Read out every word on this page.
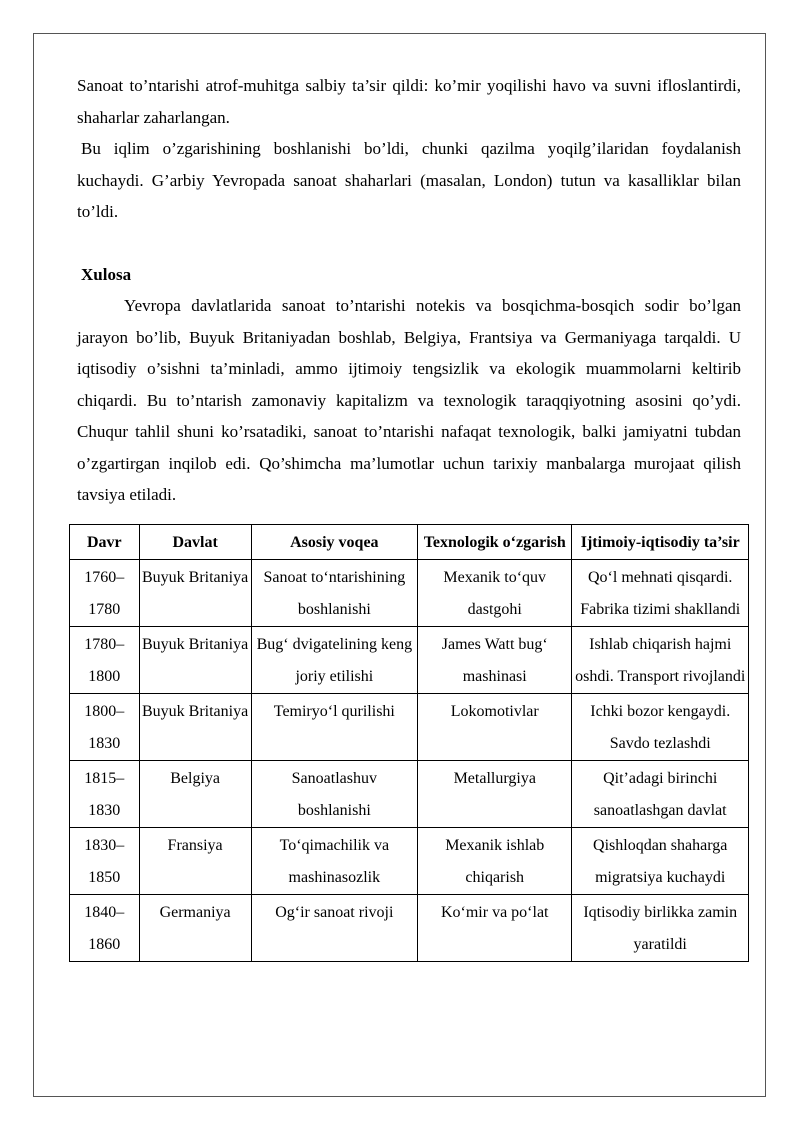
Sanoat to’ntarishi atrof-muhitga salbiy ta’sir qildi: ko’mir yoqilishi havo va suvni ifloslantirdi, shaharlar zaharlangan.

Bu iqlim o’zgarishining boshlanishi bo’ldi, chunki qazilma yoqilg’ilaridan foydalanish kuchaydi. G’arbiy Yevropada sanoat shaharlari (masalan, London) tutun va kasalliklar bilan to’ldi.

Xulosa

Yevropa davlatlarida sanoat to’ntarishi notekis va bosqichma-bosqich sodir bo’lgan jarayon bo’lib, Buyuk Britaniyadan boshlab, Belgiya, Frantsiya va Germaniyaga tarqaldi. U iqtisodiy o’sishni ta’minladi, ammo ijtimoiy tengsizlik va ekologik muammolarni keltirib chiqardi. Bu to’ntarish zamonaviy kapitalizm va texnologik taraqqiyotning asosini qo’ydi. Chuqur tahlil shuni ko’rsatadiki, sanoat to’ntarishi nafaqat texnologik, balki jamiyatni tubdan o’zgartirgan inqilob edi. Qo’shimcha ma’lumotlar uchun tarixiy manbalarga murojaat qilish tavsiya etiladi.

Davr	Davlat	Asosiy voqea	Texnologik o‘zgarish	Ijtimoiy-iqtisodiy ta’sir
1760–1780	Buyuk Britaniya	Sanoat to‘ntarishining boshlanishi	Mexanik to‘quv dastgohi	Qo‘l mehnati qisqardi. Fabrika tizimi shakllandi
1780–1800	Buyuk Britaniya	Bug‘ dvigatelining keng joriy etilishi	James Watt bug‘ mashinasi	Ishlab chiqarish hajmi oshdi. Transport rivojlandi
1800–1830	Buyuk Britaniya	Temiryo‘l qurilishi	Lokomotivlar	Ichki bozor kengaydi. Savdo tezlashdi
1815–1830	Belgiya	Sanoatlashuv boshlanishi	Metallurgiya	Qit’adagi birinchi sanoatlashgan davlat
1830–1850	Fransiya	To‘qimachilik va mashinasozlik	Mexanik ishlab chiqarish	Qishloqdan shaharga migratsiya kuchaydi
1840–1860	Germaniya	Og‘ir sanoat rivoji	Ko‘mir va po‘lat	Iqtisodiy birlikka zamin yaratildi
